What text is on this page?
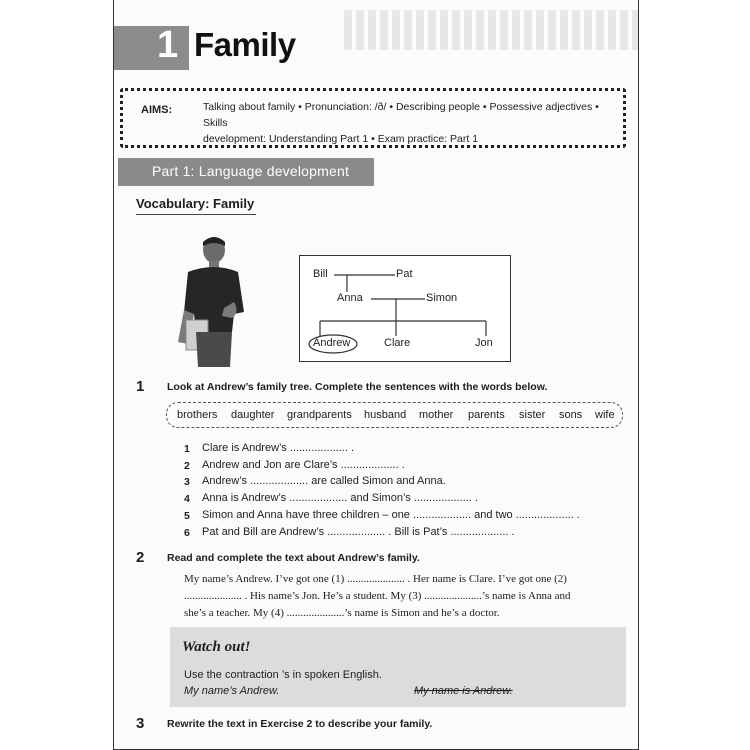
1 Family
AIMS:	Talking about family • Pronunciation: /ð/ • Describing people • Possessive adjectives • Skills
development: Understanding Part 1 • Exam practice: Part 1
Part 1: Language development
Vocabulary: Family
Bill	Pat
Anna	Simon
Andrew	Clare	Jon
1 Look at Andrew’s family tree. Complete the sentences with the words below.
brothers daughter grandparents husband mother parents sister sons wife
1 Clare is Andrew’s ................... .
2 Andrew and Jon are Clare’s ................... .
3 Andrew’s ................... are called Simon and Anna.
4 Anna is Andrew’s ................... and Simon’s ................... .
5 Simon and Anna have three children – one ................... and two ................... .
6 Pat and Bill are Andrew’s ................... . Bill is Pat’s ................... .
2 Read and complete the text about Andrew’s family.
My name’s Andrew. I’ve got one (1) ..................... . Her name is Clare. I’ve got one (2)
..................... . His name’s Jon. He’s a student. My (3) .....................’s name is Anna and
she’s a teacher. My (4) .....................’s name is Simon and he’s a doctor.
Watch out!
Use the contraction ’s in spoken English.
My name’s Andrew.	My name is Andrew.
3 Rewrite the text in Exercise 2 to describe your family.
